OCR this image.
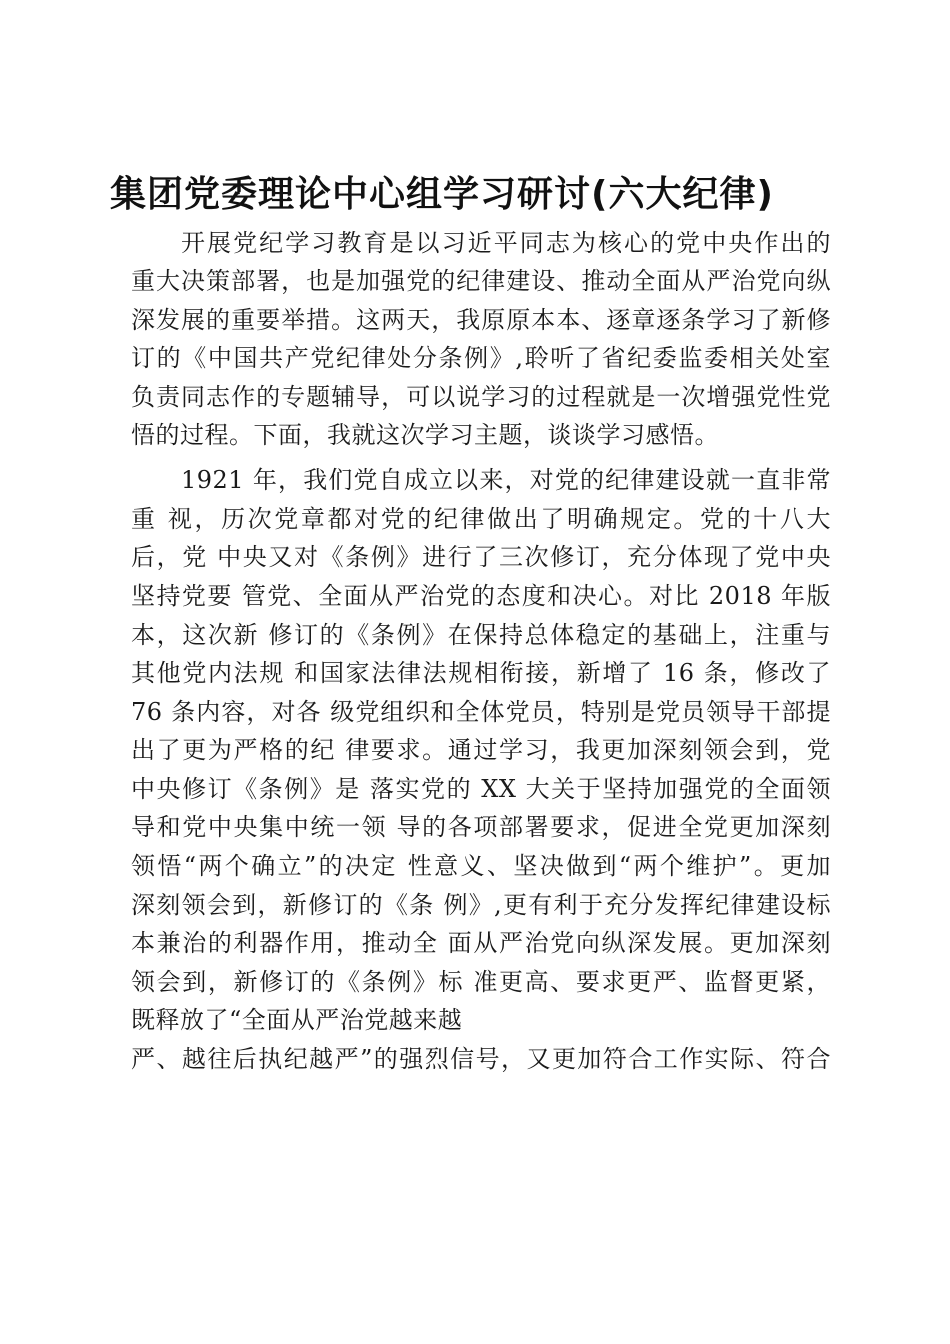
集团党委理论中心组学习研讨(六大纪律)

开展党纪学习教育是以习近平同志为核心的党中央作出的

重大决策部署，也是加强党的纪律建设、推动全面从严治党向纵

深发展的重要举措。这两天，我原原本本、逐章逐条学习了新修

订的《中国共产党纪律处分条例》,聆听了省纪委监委相关处室

负责同志作的专题辅导，可以说学习的过程就是一次增强党性党

悟的过程。下面，我就这次学习主题，谈谈学习感悟。

1921 年，我们党自成立以来，对党的纪律建设就一直非常

重 视，历次党章都对党的纪律做出了明确规定。党的十八大

后，党 中央又对《条例》进行了三次修订，充分体现了党中央

坚持党要 管党、全面从严治党的态度和决心。对比 2018 年版

本，这次新 修订的《条例》在保持总体稳定的基础上，注重与

其他党内法规 和国家法律法规相衔接，新增了 16 条，修改了

76 条内容，对各 级党组织和全体党员，特别是党员领导干部提

出了更为严格的纪 律要求。通过学习，我更加深刻领会到，党

中央修订《条例》是 落实党的 XX 大关于坚持加强党的全面领

导和党中央集中统一领 导的各项部署要求，促进全党更加深刻

领悟“两个确立”的决定 性意义、坚决做到“两个维护”。更加

深刻领会到，新修订的《条 例》,更有利于充分发挥纪律建设标

本兼治的利器作用，推动全 面从严治党向纵深发展。更加深刻

领会到，新修订的《条例》标 准更高、要求更严、监督更紧，

既释放了“全面从严治党越来越

严、越往后执纪越严”的强烈信号，又更加符合工作实际、符合
